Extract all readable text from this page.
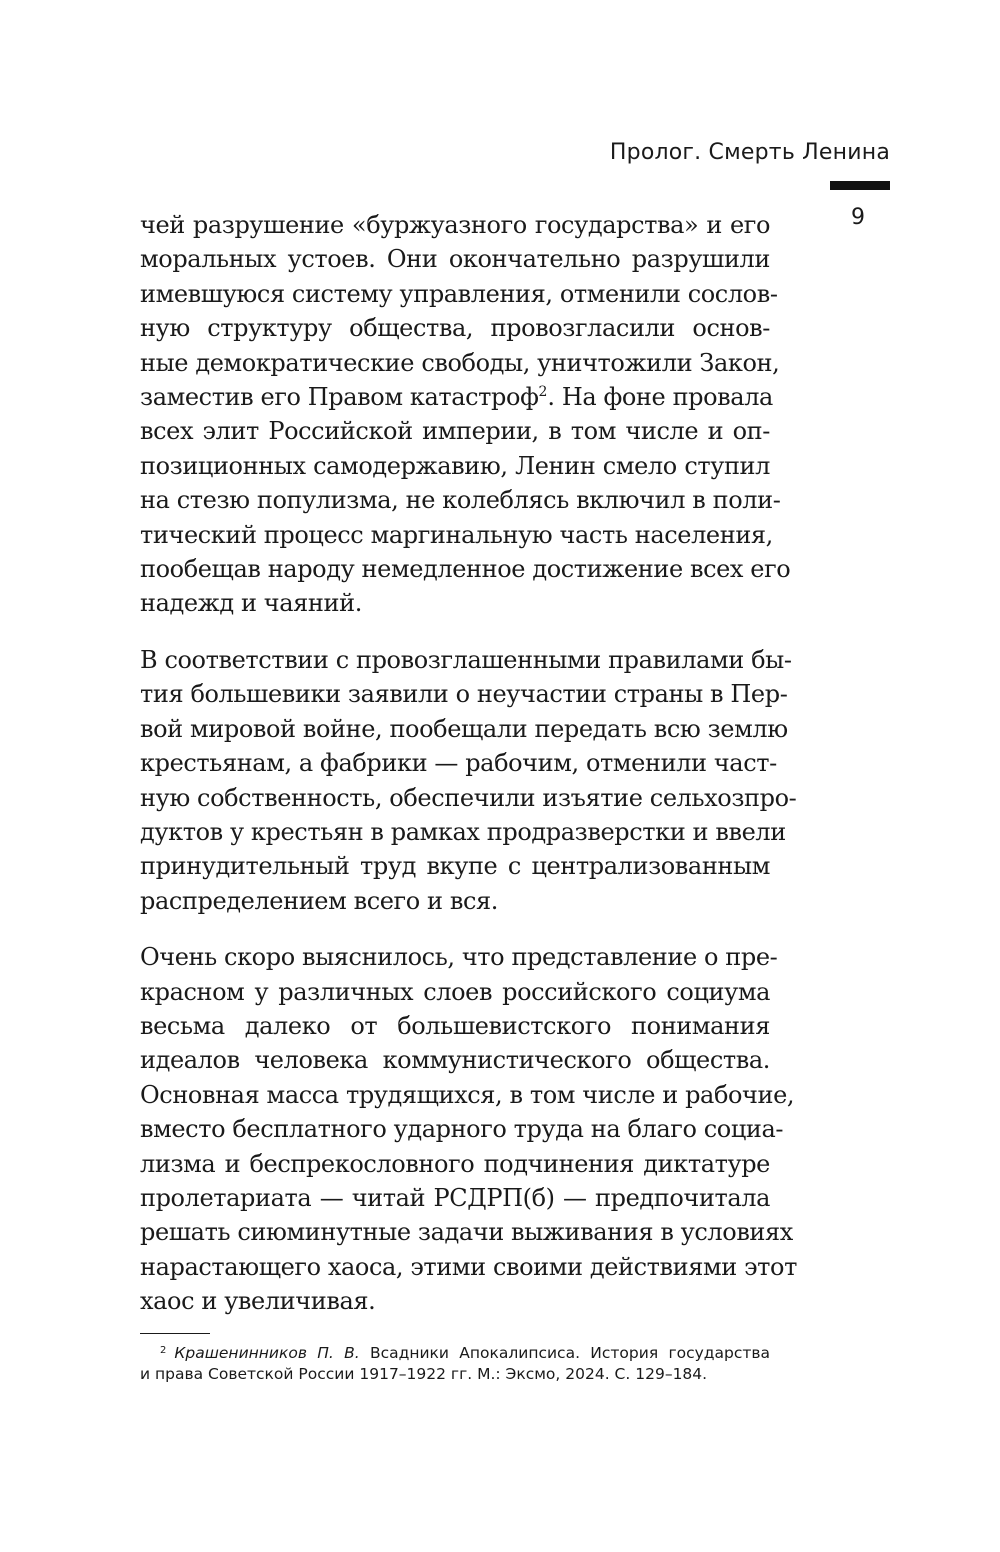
Пролог. Смерть Ленина
9

чей разрушение «буржуазного государства» и его
моральных устоев. Они окончательно разрушили
имевшуюся систему управления, отменили сослов-
ную структуру общества, провозгласили основ-
ные демократические свободы, уничтожили Закон,
заместив его Правом катастроф$^2$. На фоне провала
всех элит Российской империи, в том числе и оп-
позиционных самодержавию, Ленин смело ступил
на стезю популизма, не колеблясь включил в поли-
тический процесс маргинальную часть населения,
пообещав народу немедленное достижение всех его
надежд и чаяний.

В соответствии с провозглашенными правилами бы-
тия большевики заявили о неучастии страны в Пер-
вой мировой войне, пообещали передать всю землю
крестьянам, а фабрики — рабочим, отменили част-
ную собственность, обеспечили изъятие сельхозпро-
дуктов у крестьян в рамках продразверстки и ввели
принудительный труд вкупе с централизованным
распределением всего и вся.

Очень скоро выяснилось, что представление о пре-
красном у различных слоев российского социума
весьма далеко от большевистского понимания
идеалов человека коммунистического общества.
Основная масса трудящихся, в том числе и рабочие,
вместо бесплатного ударного труда на благо социа-
лизма и беспрекословного подчинения диктатуре
пролетариата — читай РСДРП(б) — предпочитала
решать сиюминутные задачи выживания в условиях
нарастающего хаоса, этими своими действиями этот
хаос и увеличивая.

$^2$ Крашенинников П. В. Всадники Апокалипсиса. История государства
и права Советской России 1917–1922 гг. М.: Эксмо, 2024. С. 129–184.
